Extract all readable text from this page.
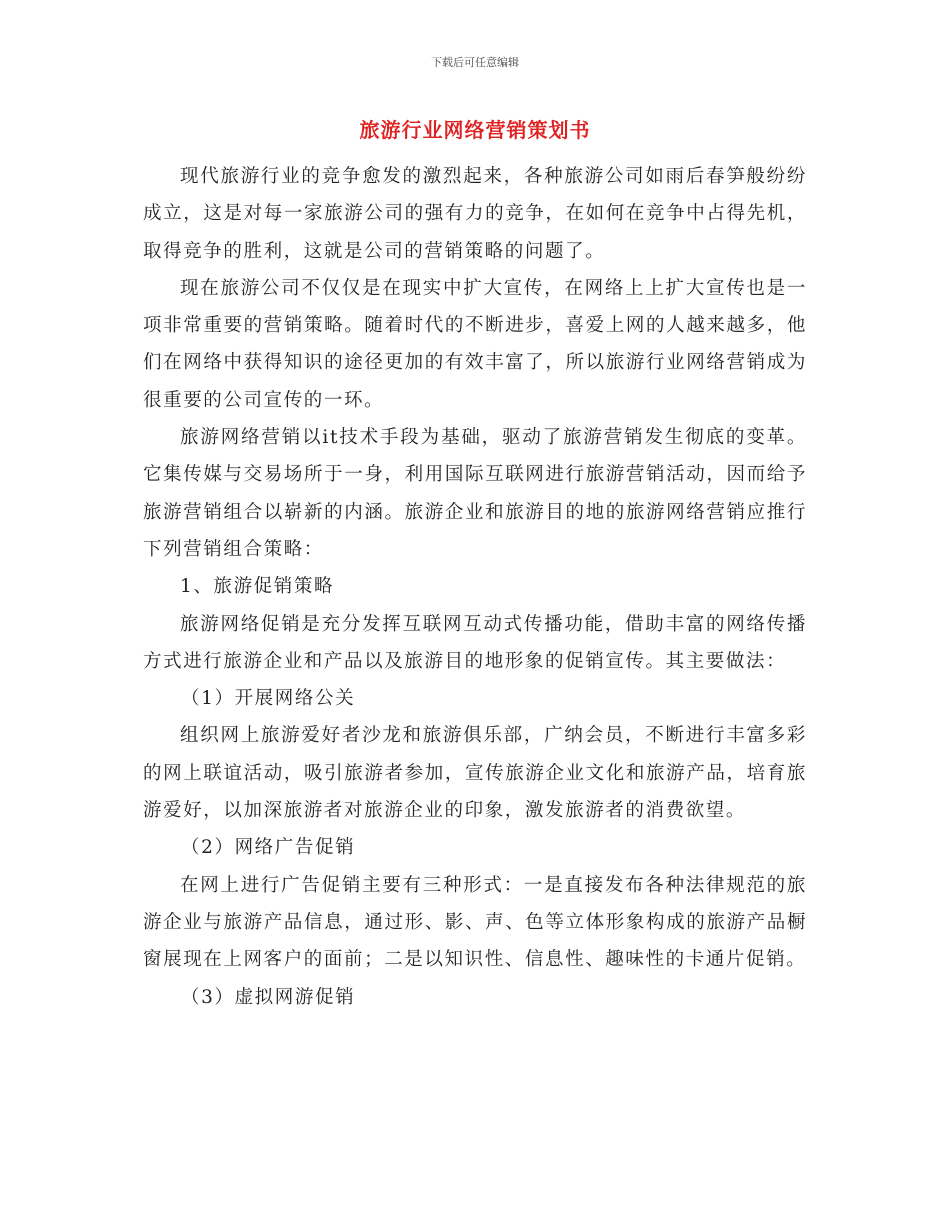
下载后可任意编辑
旅游行业网络营销策划书

现代旅游行业的竞争愈发的激烈起来，各种旅游公司如雨后春笋般纷纷成立，这是对每一家旅游公司的强有力的竞争，在如何在竞争中占得先机，取得竞争的胜利，这就是公司的营销策略的问题了。

现在旅游公司不仅仅是在现实中扩大宣传，在网络上上扩大宣传也是一项非常重要的营销策略。随着时代的不断进步，喜爱上网的人越来越多，他们在网络中获得知识的途径更加的有效丰富了，所以旅游行业网络营销成为很重要的公司宣传的一环。

旅游网络营销以it技术手段为基础，驱动了旅游营销发生彻底的变革。它集传媒与交易场所于一身，利用国际互联网进行旅游营销活动，因而给予旅游营销组合以崭新的内涵。旅游企业和旅游目的地的旅游网络营销应推行下列营销组合策略：

1、旅游促销策略

旅游网络促销是充分发挥互联网互动式传播功能，借助丰富的网络传播方式进行旅游企业和产品以及旅游目的地形象的促销宣传。其主要做法：

（1）开展网络公关

组织网上旅游爱好者沙龙和旅游俱乐部，广纳会员，不断进行丰富多彩的网上联谊活动，吸引旅游者参加，宣传旅游企业文化和旅游产品，培育旅游爱好，以加深旅游者对旅游企业的印象，激发旅游者的消费欲望。

（2）网络广告促销

在网上进行广告促销主要有三种形式：一是直接发布各种法律规范的旅游企业与旅游产品信息，通过形、影、声、色等立体形象构成的旅游产品橱窗展现在上网客户的面前；二是以知识性、信息性、趣味性的卡通片促销。

（3）虚拟网游促销
